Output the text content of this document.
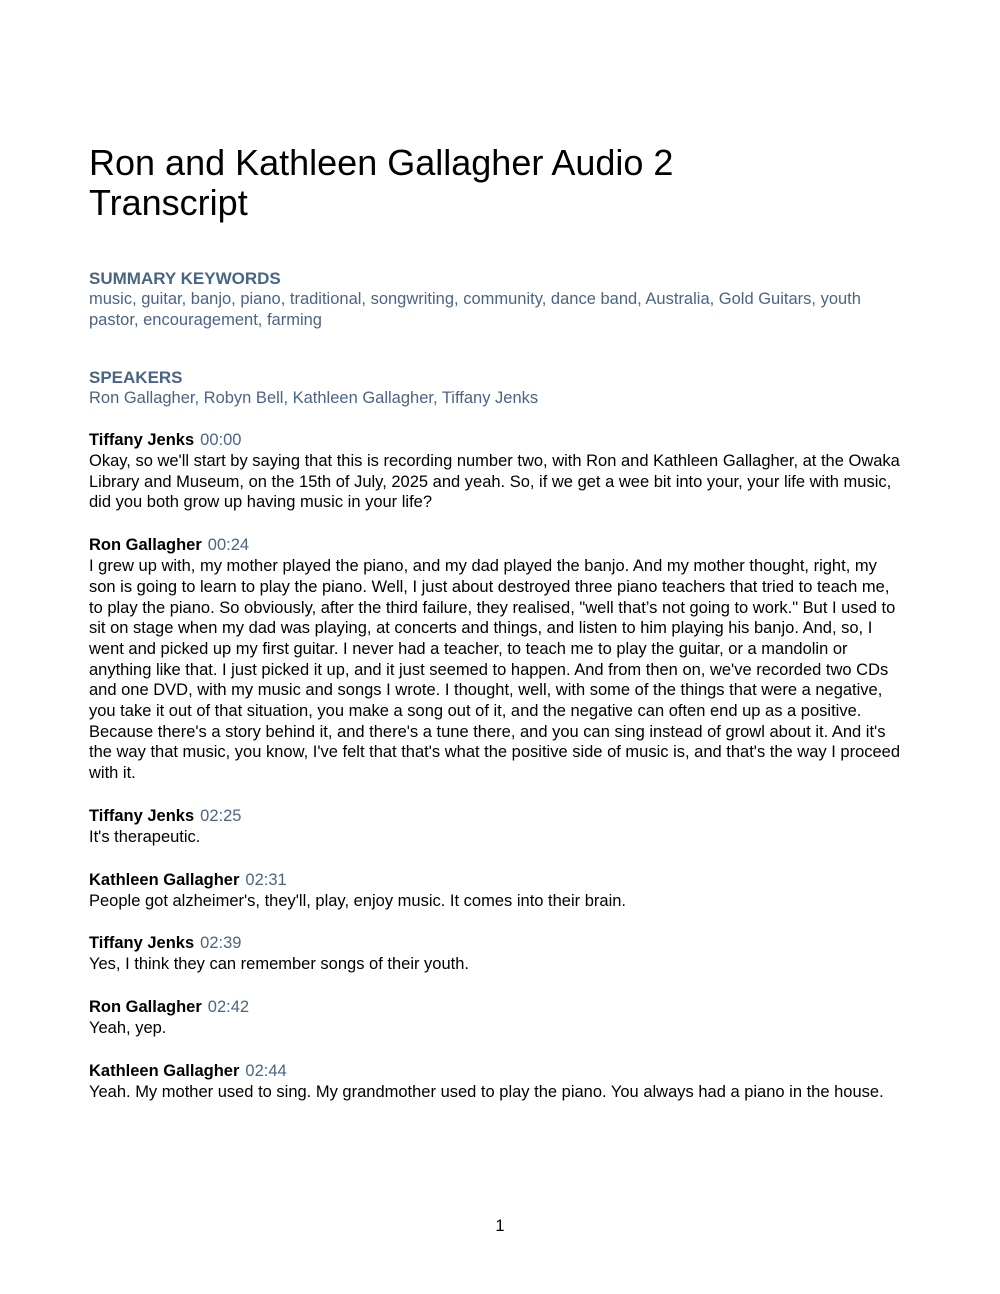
Ron and Kathleen Gallagher Audio 2
Transcript
SUMMARY KEYWORDS
music, guitar, banjo, piano, traditional, songwriting, community, dance band, Australia, Gold Guitars, youth pastor, encouragement, farming
SPEAKERS
Ron Gallagher, Robyn Bell, Kathleen Gallagher, Tiffany Jenks
Tiffany Jenks 00:00

Okay, so we'll start by saying that this is recording number two, with Ron and Kathleen Gallagher, at the Owaka Library and Museum, on the 15th of July, 2025 and yeah. So, if we get a wee bit into your, your life with music, did you both grow up having music in your life?

Ron Gallagher 00:24

I grew up with, my mother played the piano, and my dad played the banjo. And my mother thought, right, my son is going to learn to play the piano. Well, I just about destroyed three piano teachers that tried to teach me, to play the piano. So obviously, after the third failure, they realised, "well that’s not going to work." But I used to sit on stage when my dad was playing, at concerts and things, and listen to him playing his banjo. And, so, I went and picked up my first guitar. I never had a teacher, to teach me to play the guitar, or a mandolin or anything like that. I just picked it up, and it just seemed to happen. And from then on, we've recorded two CDs and one DVD, with my music and songs I wrote. I thought, well, with some of the things that were a negative, you take it out of that situation, you make a song out of it, and the negative can often end up as a positive. Because there's a story behind it, and there's a tune there, and you can sing instead of growl about it. And it's the way that music, you know, I've felt that that's what the positive side of music is, and that's the way I proceed with it.

Tiffany Jenks 02:25

It's therapeutic.

Kathleen Gallagher 02:31

People got alzheimer's, they'll, play, enjoy music. It comes into their brain.

Tiffany Jenks 02:39

Yes, I think they can remember songs of their youth.

Ron Gallagher 02:42

Yeah, yep.

Kathleen Gallagher 02:44

Yeah. My mother used to sing. My grandmother used to play the piano. You always had a piano in the house.

1
